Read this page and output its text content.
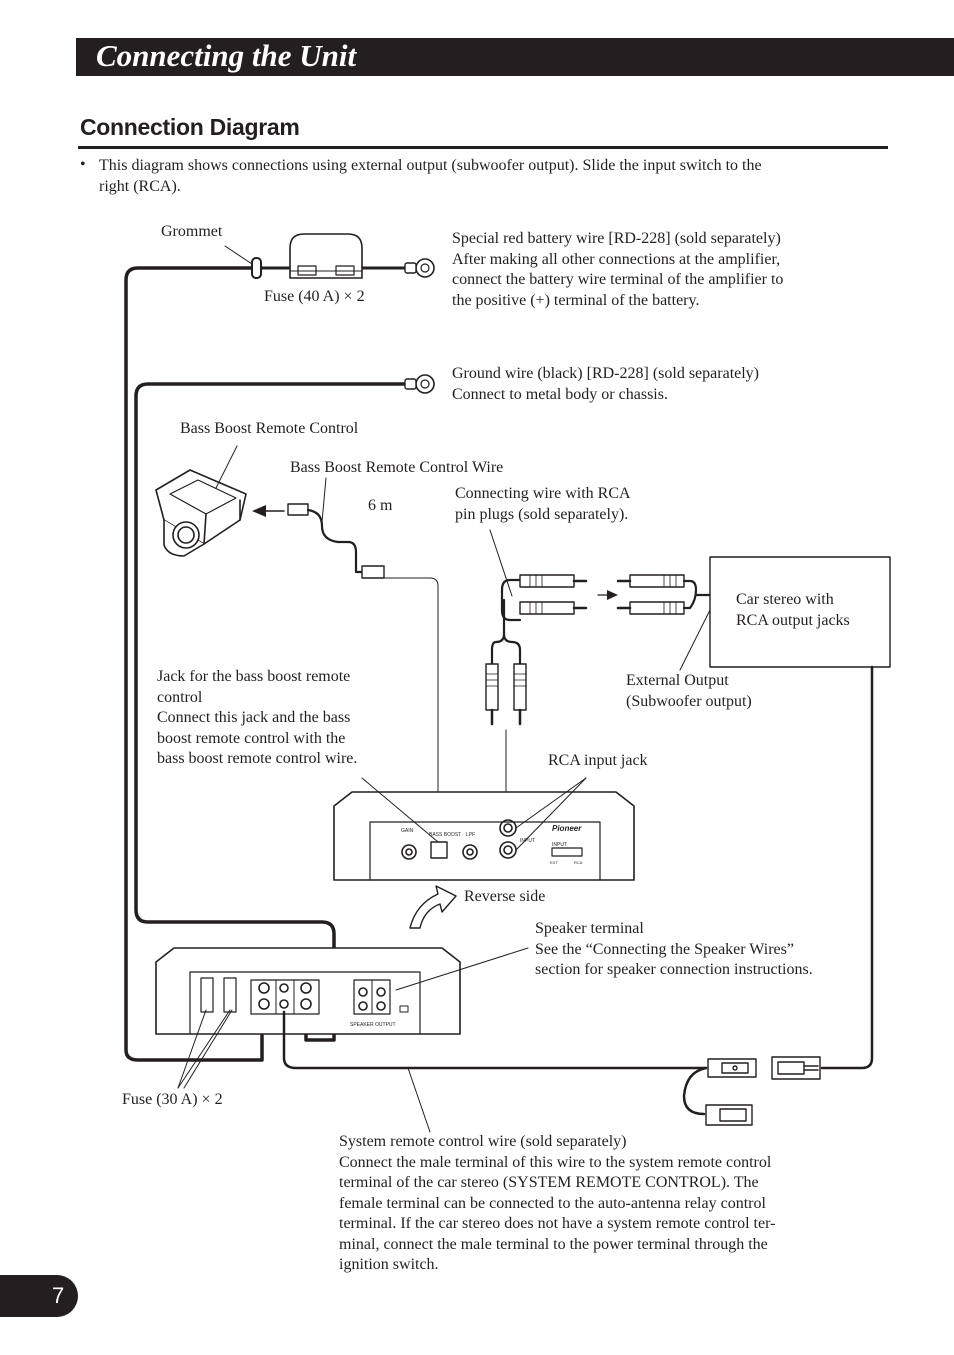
Connecting the Unit
Connection Diagram
• This diagram shows connections using external output (subwoofer output). Slide the input switch to the
right (RCA).
GAIN
BASS BOOST LPF
INPUT
Pioneer
INPUT
EXT	RCA
SPEAKER OUTPUT
Grommet
Fuse (40 A) × 2
Special red battery wire [RD-228] (sold separately)
After making all other connections at the amplifier,
connect the battery wire terminal of the amplifier to
the positive (+) terminal of the battery.
Ground wire (black) [RD-228] (sold separately)
Connect to metal body or chassis.
Bass Boost Remote Control
Bass Boost Remote Control Wire
6 m
Connecting wire with RCA
pin plugs (sold separately).
Car stereo with
RCA output jacks
External Output
(Subwoofer output)
Jack for the bass boost remote
control
Connect this jack and the bass
boost remote control with the
bass boost remote control wire.	RCA input jack
Reverse side
Speaker terminal
See the “Connecting the Speaker Wires”
section for speaker connection instructions.
Fuse (30 A) × 2
System remote control wire (sold separately)
Connect the male terminal of this wire to the system remote control
terminal of the car stereo (SYSTEM REMOTE CONTROL). The
female terminal can be connected to the auto-antenna relay control
terminal. If the car stereo does not have a system remote control ter-
minal, connect the male terminal to the power terminal through the
ignition switch.
7
